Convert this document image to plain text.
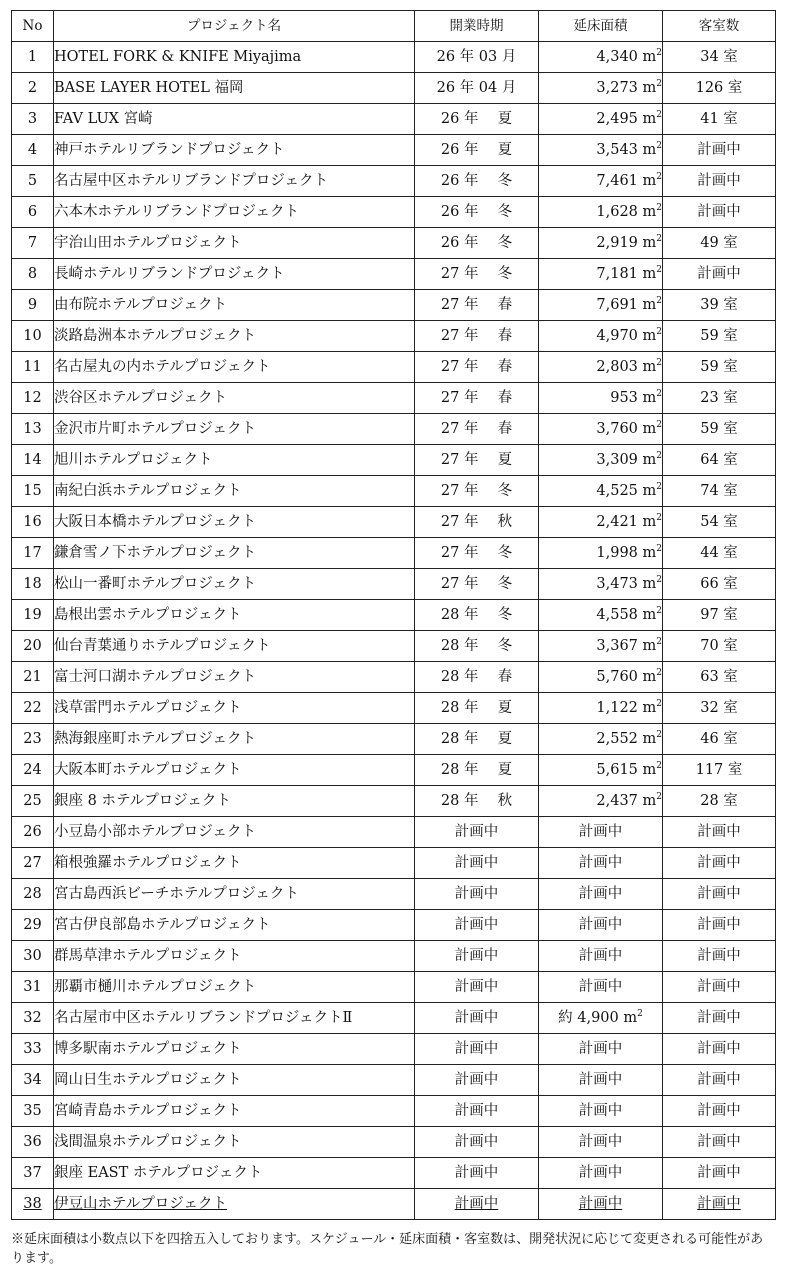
No	プロジェクト名	開業時期	延床面積	客室数
1	HOTEL FORK & KNIFE Miyajima	26 年 03 月	4,340 $m^2$	34 室
2	BASE LAYER HOTEL 福岡	26 年 04 月	3,273 $m^2$	126 室
3	FAV LUX 宮崎	26 年　 夏	2,495 $m^2$	41 室
4	神戸ホテルリブランドプロジェクト	26 年　 夏	3,543 $m^2$	計画中
5	名古屋中区ホテルリブランドプロジェクト	26 年　 冬	7,461 $m^2$	計画中
6	六本木ホテルリブランドプロジェクト	26 年　 冬	1,628 $m^2$	計画中
7	宇治山田ホテルプロジェクト	26 年　 冬	2,919 $m^2$	49 室
8	長崎ホテルリブランドプロジェクト	27 年　 冬	7,181 $m^2$	計画中
9	由布院ホテルプロジェクト	27 年　 春	7,691 $m^2$	39 室
10	淡路島洲本ホテルプロジェクト	27 年　 春	4,970 $m^2$	59 室
11	名古屋丸の内ホテルプロジェクト	27 年　 春	2,803 $m^2$	59 室
12	渋谷区ホテルプロジェクト	27 年　 春	953 $m^2$	23 室
13	金沢市片町ホテルプロジェクト	27 年　 春	3,760 $m^2$	59 室
14	旭川ホテルプロジェクト	27 年　 夏	3,309 $m^2$	64 室
15	南紀白浜ホテルプロジェクト	27 年　 冬	4,525 $m^2$	74 室
16	大阪日本橋ホテルプロジェクト	27 年　 秋	2,421 $m^2$	54 室
17	鎌倉雪ノ下ホテルプロジェクト	27 年　 冬	1,998 $m^2$	44 室
18	松山一番町ホテルプロジェクト	27 年　 冬	3,473 $m^2$	66 室
19	島根出雲ホテルプロジェクト	28 年　 冬	4,558 $m^2$	97 室
20	仙台青葉通りホテルプロジェクト	28 年　 冬	3,367 $m^2$	70 室
21	富士河口湖ホテルプロジェクト	28 年　 春	5,760 $m^2$	63 室
22	浅草雷門ホテルプロジェクト	28 年　 夏	1,122 $m^2$	32 室
23	熱海銀座町ホテルプロジェクト	28 年　 夏	2,552 $m^2$	46 室
24	大阪本町ホテルプロジェクト	28 年　 夏	5,615 $m^2$	117 室
25	銀座 8 ホテルプロジェクト	28 年　 秋	2,437 $m^2$	28 室
26	小豆島小部ホテルプロジェクト	計画中	計画中	計画中
27	箱根強羅ホテルプロジェクト	計画中	計画中	計画中
28	宮古島西浜ビーチホテルプロジェクト	計画中	計画中	計画中
29	宮古伊良部島ホテルプロジェクト	計画中	計画中	計画中
30	群馬草津ホテルプロジェクト	計画中	計画中	計画中
31	那覇市樋川ホテルプロジェクト	計画中	計画中	計画中
32	名古屋市中区ホテルリブランドプロジェクトⅡ	計画中	約 4,900 $m^2$	計画中
33	博多駅南ホテルプロジェクト	計画中	計画中	計画中
34	岡山日生ホテルプロジェクト	計画中	計画中	計画中
35	宮崎青島ホテルプロジェクト	計画中	計画中	計画中
36	浅間温泉ホテルプロジェクト	計画中	計画中	計画中
37	銀座 EAST ホテルプロジェクト	計画中	計画中	計画中
38	伊豆山ホテルプロジェクト	計画中	計画中	計画中

※延床面積は小数点以下を四捨五入しております。スケジュール・延床面積・客室数は、開発状況に応じて変更される可能性があります。
